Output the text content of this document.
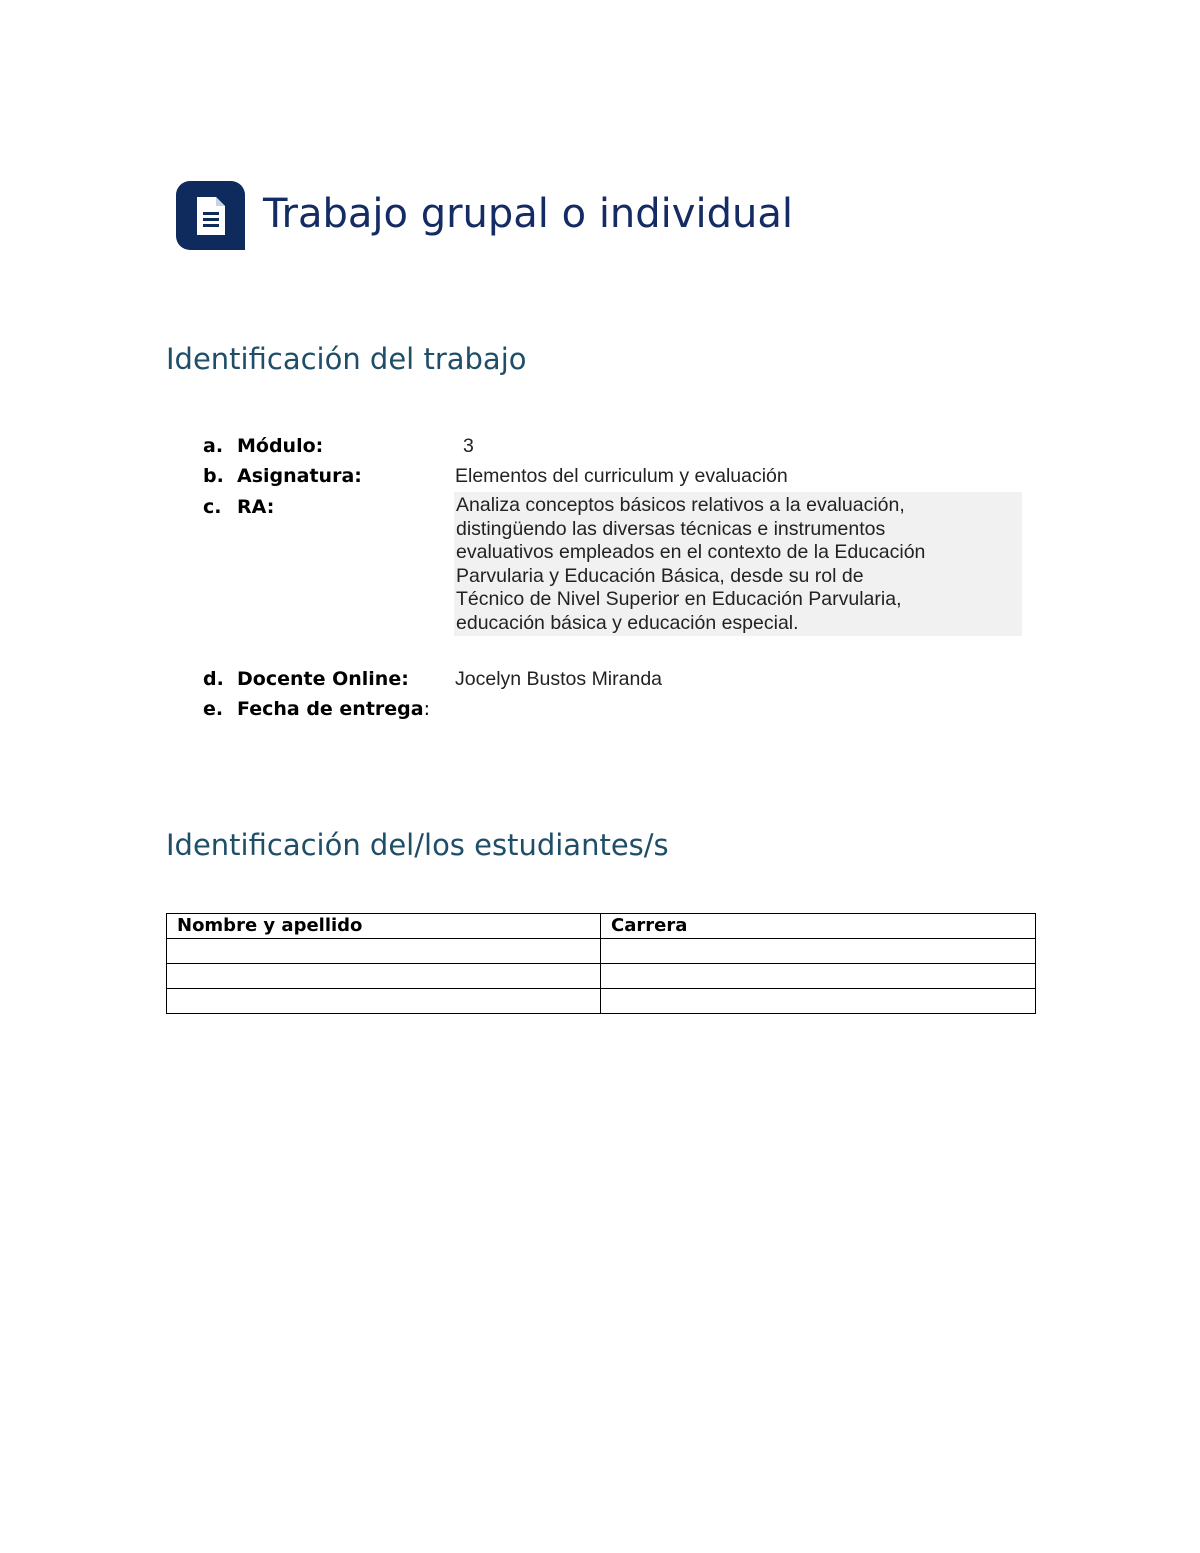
Trabajo grupal o individual
Identificación del trabajo
a. Módulo:	3
b. Asignatura:	Elementos del curriculum y evaluación
c. RA:	Analiza conceptos básicos relativos a la evaluación,
distingüendo las diversas técnicas e instrumentos
evaluativos empleados en el contexto de la Educación
Parvularia y Educación Básica, desde su rol de
Técnico de Nivel Superior en Educación Parvularia,
educación básica y educación especial.
d. Docente Online:	Jocelyn Bustos Miranda
e. Fecha de entrega:
Identificación del/los estudiantes/s
Nombre y apellido	Carrera
